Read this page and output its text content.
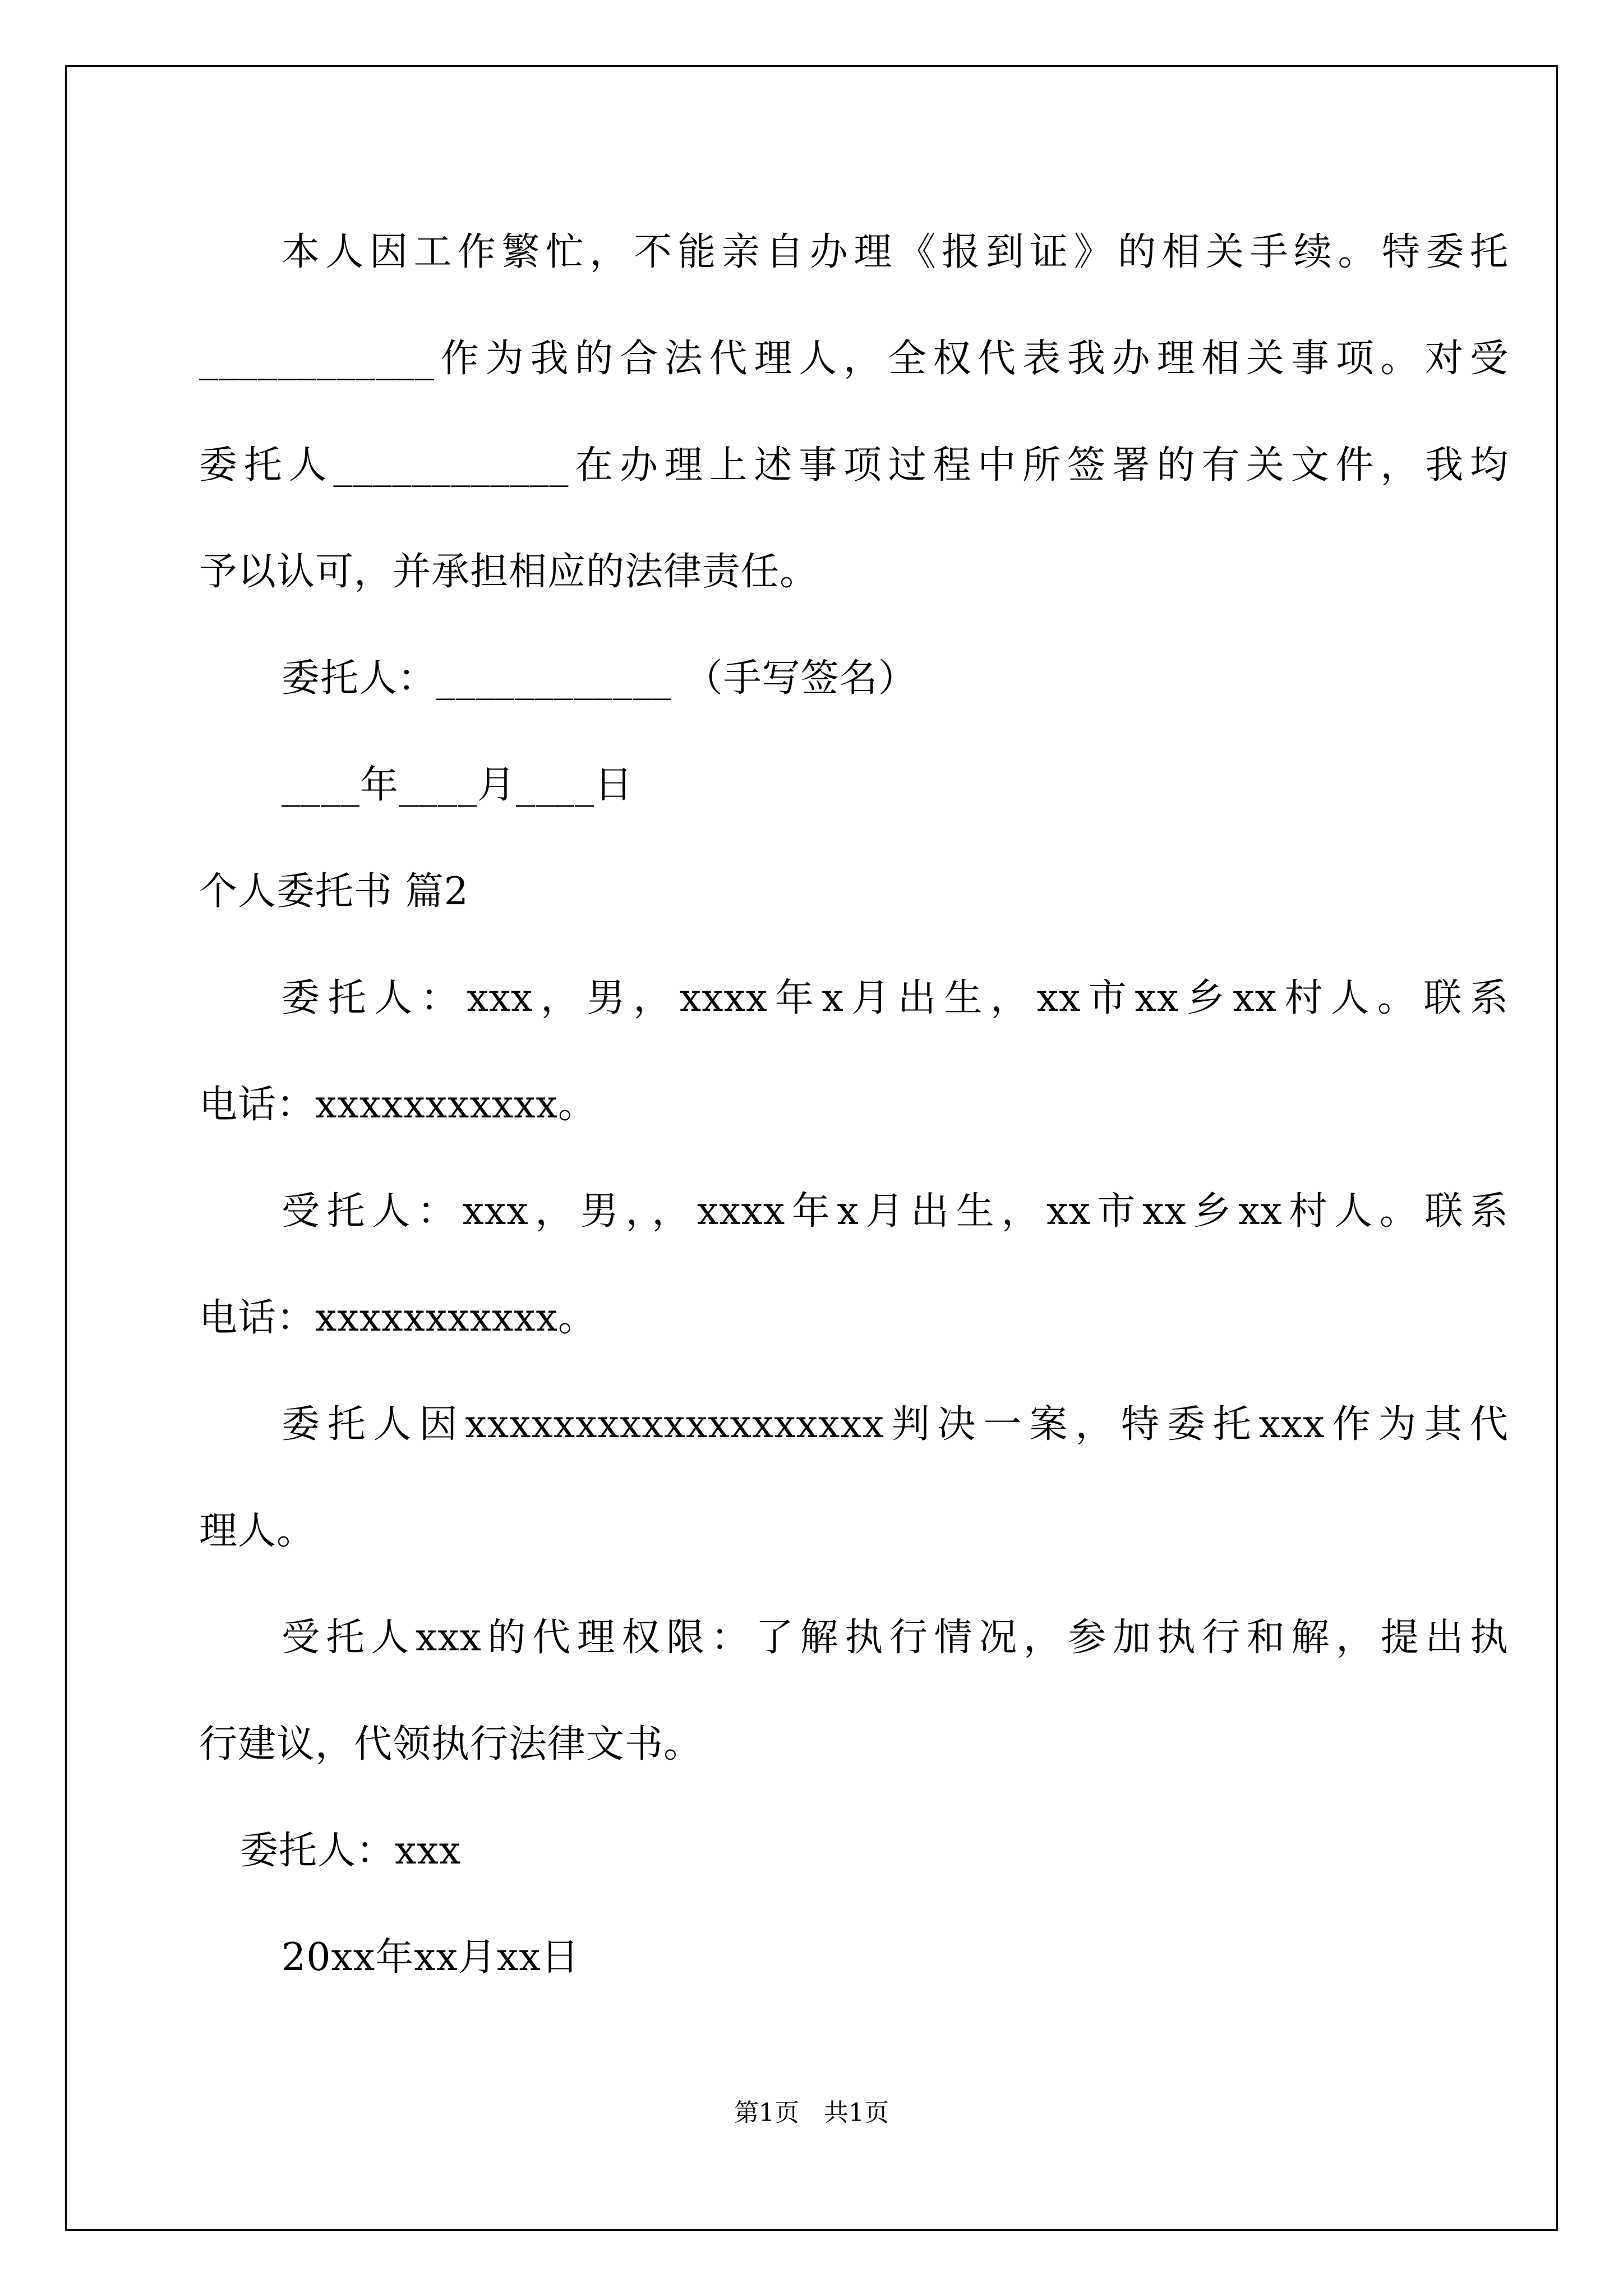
本人因工作繁忙，不能亲自办理《报到证》的相关手续。特委托
____________作为我的合法代理人，全权代表我办理相关事项。对受
委托人____________在办理上述事项过程中所签署的有关文件，我均
予以认可，并承担相应的法律责任。
委托人：____________ （手写签名）
____年____月____日
个人委托书 篇2
委托人：xxx，男，xxxx年x月出生，xx市xx乡xx村人。联系
电话：xxxxxxxxxxx。
受托人：xxx，男，，xxxx年x月出生，xx市xx乡xx村人。联系
电话：xxxxxxxxxxx。
委托人因xxxxxxxxxxxxxxxxxxx判决一案，特委托xxx作为其代
理人。
受托人xxx的代理权限：了解执行情况，参加执行和解，提出执
行建议，代领执行法律文书。
委托人：xxx
20xx年xx月xx日
第1页　共1页
